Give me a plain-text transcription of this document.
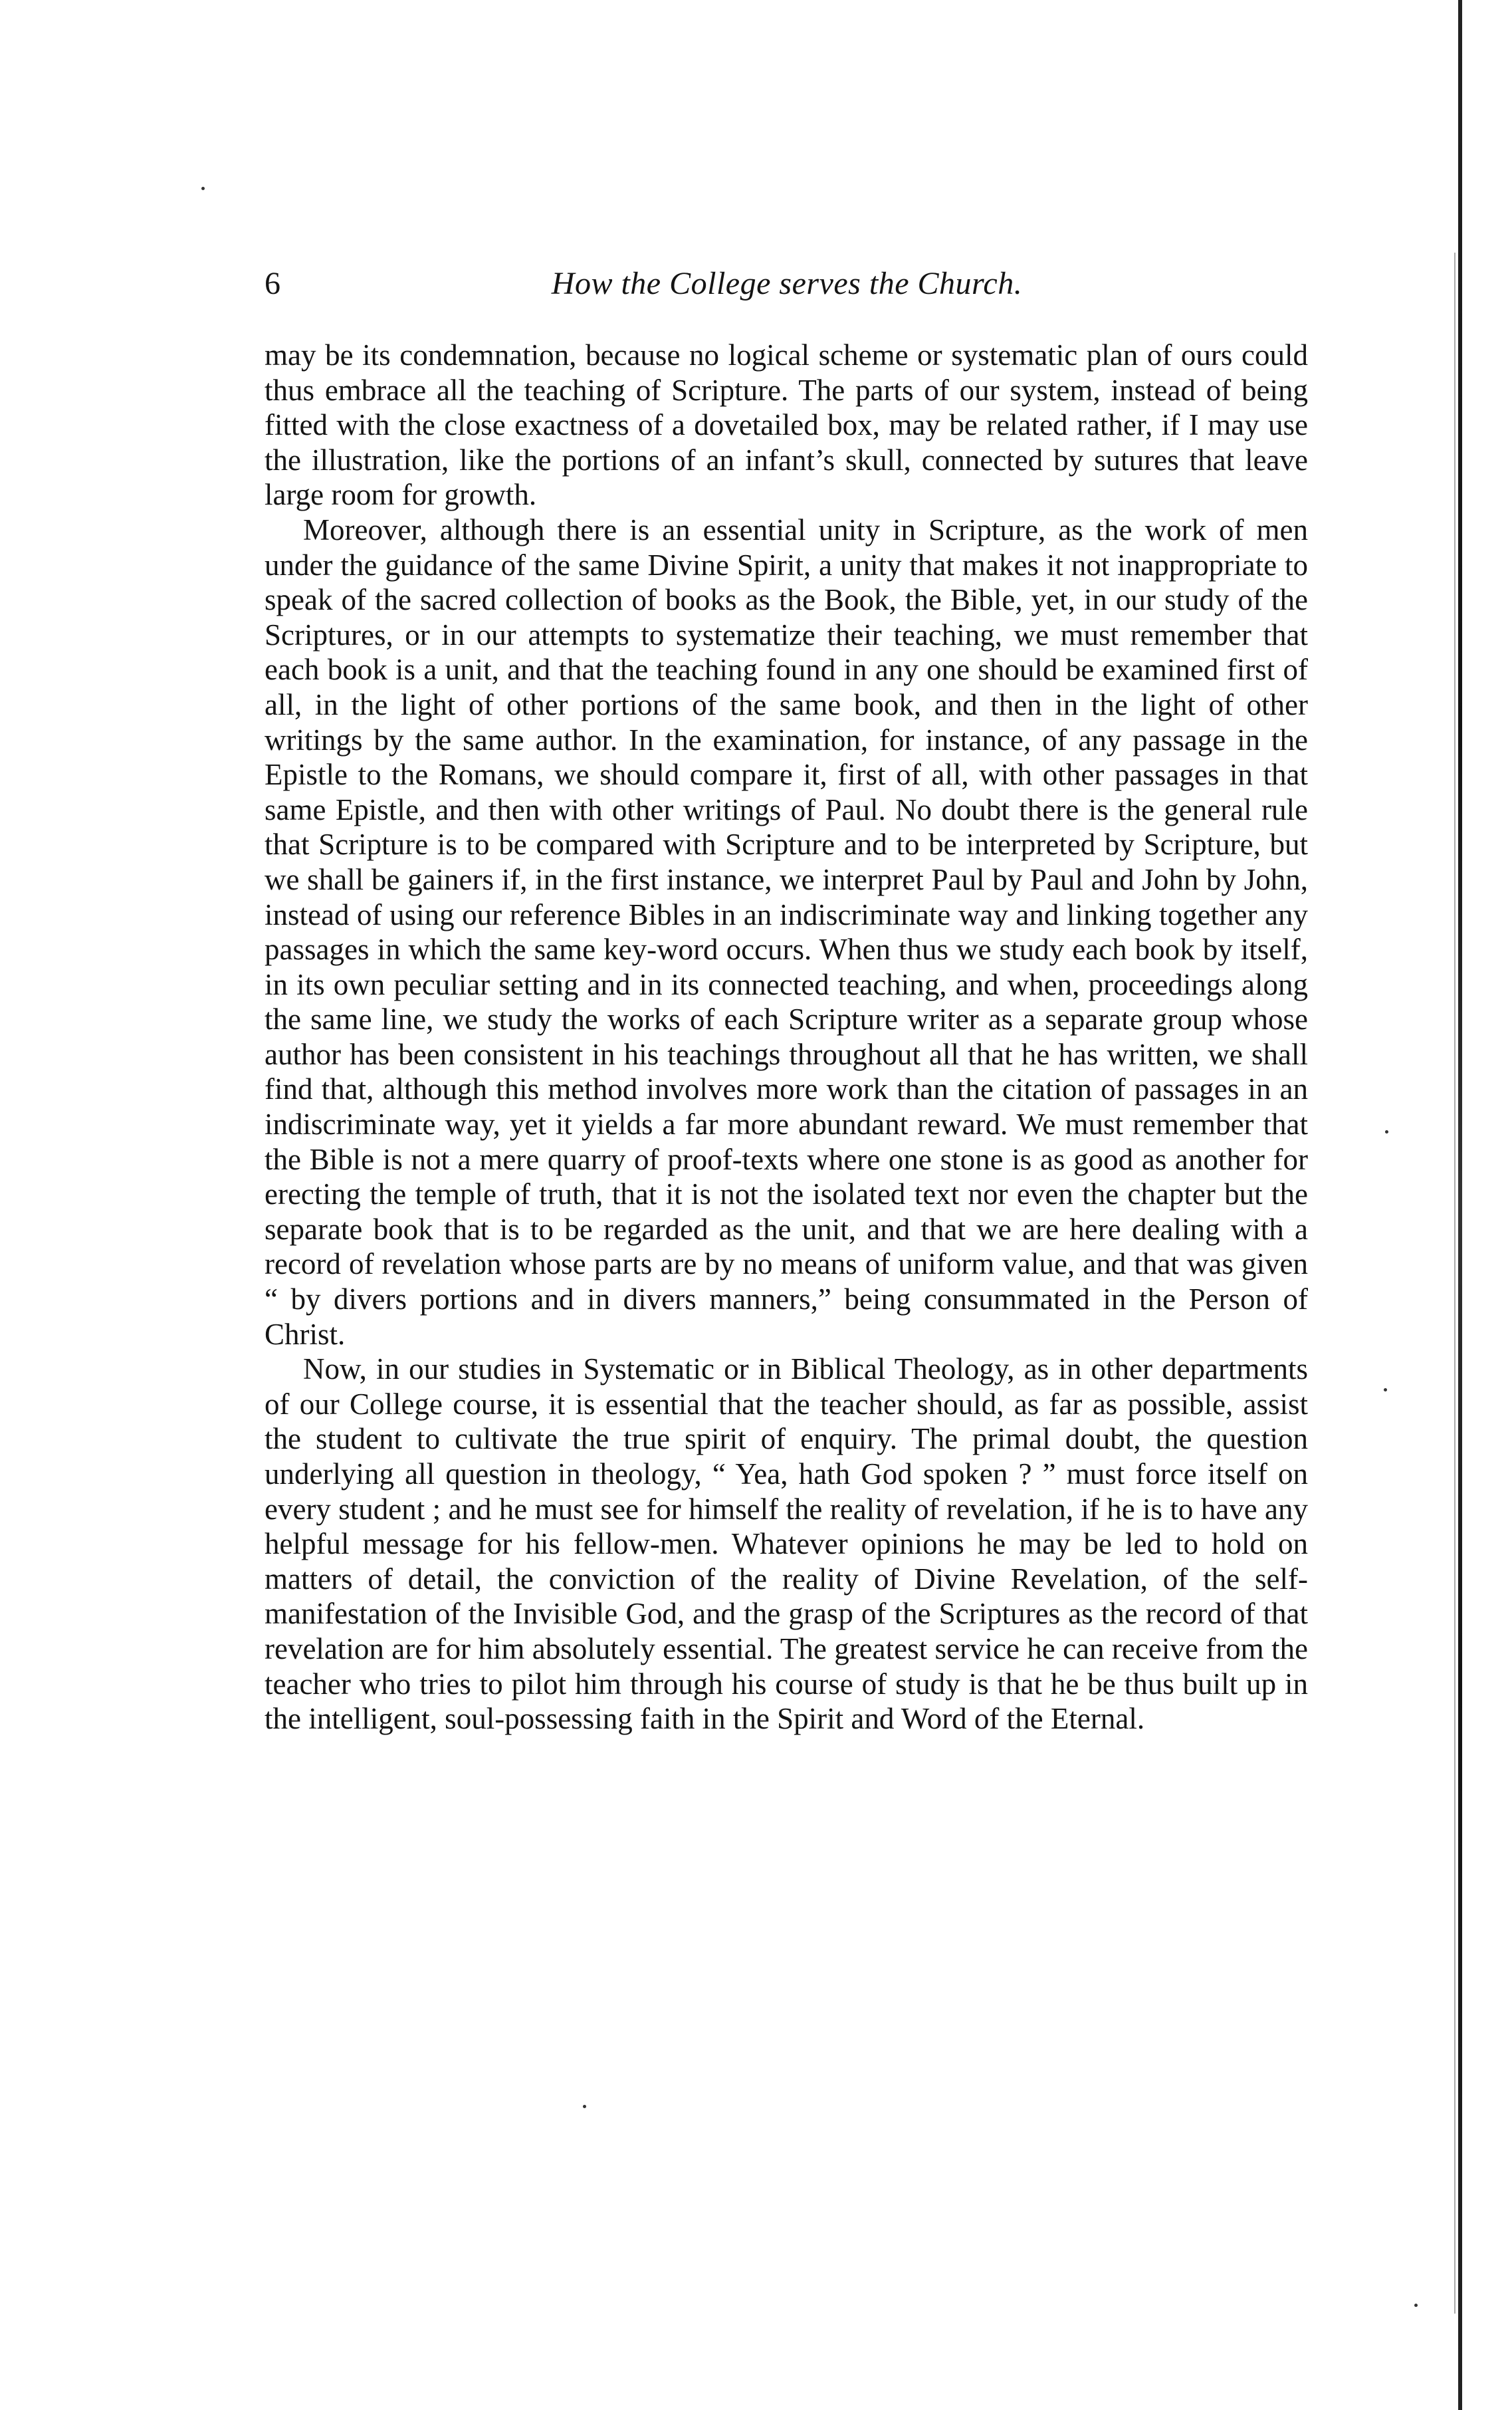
6	How the College serves the Church.

may be its condemnation, because no logical scheme or systematic plan of ours could thus embrace all the teaching of Scripture. The parts of our system, instead of being fitted with the close exactness of a dovetailed box, may be related rather, if I may use the illustration, like the portions of an infant’s skull, connected by sutures that leave large room for growth.

Moreover, although there is an essential unity in Scripture, as the work of men under the guidance of the same Divine Spirit, a unity that makes it not inappropriate to speak of the sacred collection of books as the Book, the Bible, yet, in our study of the Scriptures, or in our attempts to systematize their teaching, we must remember that each book is a unit, and that the teaching found in any one should be examined first of all, in the light of other portions of the same book, and then in the light of other writings by the same author. In the examination, for instance, of any passage in the Epistle to the Romans, we should compare it, first of all, with other passages in that same Epistle, and then with other writings of Paul. No doubt there is the general rule that Scripture is to be compared with Scripture and to be interpreted by Scripture, but we shall be gainers if, in the first instance, we interpret Paul by Paul and John by John, instead of using our reference Bibles in an indiscriminate way and linking together any passages in which the same key-word occurs. When thus we study each book by itself, in its own peculiar setting and in its connected teaching, and when, proceedings along the same line, we study the works of each Scripture writer as a separate group whose author has been consistent in his teachings throughout all that he has written, we shall find that, although this method involves more work than the citation of passages in an indiscriminate way, yet it yields a far more abundant reward. We must remember that the Bible is not a mere quarry of proof-texts where one stone is as good as another for erecting the temple of truth, that it is not the isolated text nor even the chapter but the separate book that is to be regarded as the unit, and that we are here dealing with a record of revelation whose parts are by no means of uniform value, and that was given “ by divers portions and in divers manners,” being consummated in the Person of Christ.

Now, in our studies in Systematic or in Biblical Theology, as in other departments of our College course, it is essential that the teacher should, as far as possible, assist the student to cultivate the true spirit of enquiry. The primal doubt, the question underlying all question in theology, “ Yea, hath God spoken ? ” must force itself on every student ; and he must see for himself the reality of revelation, if he is to have any helpful message for his fellow-men. Whatever opinions he may be led to hold on matters of detail, the conviction of the reality of Divine Revelation, of the self-manifestation of the Invisible God, and the grasp of the Scriptures as the record of that revelation are for him absolutely essential. The greatest service he can receive from the teacher who tries to pilot him through his course of study is that he be thus built up in the intelligent, soul-possessing faith in the Spirit and Word of the Eternal.
